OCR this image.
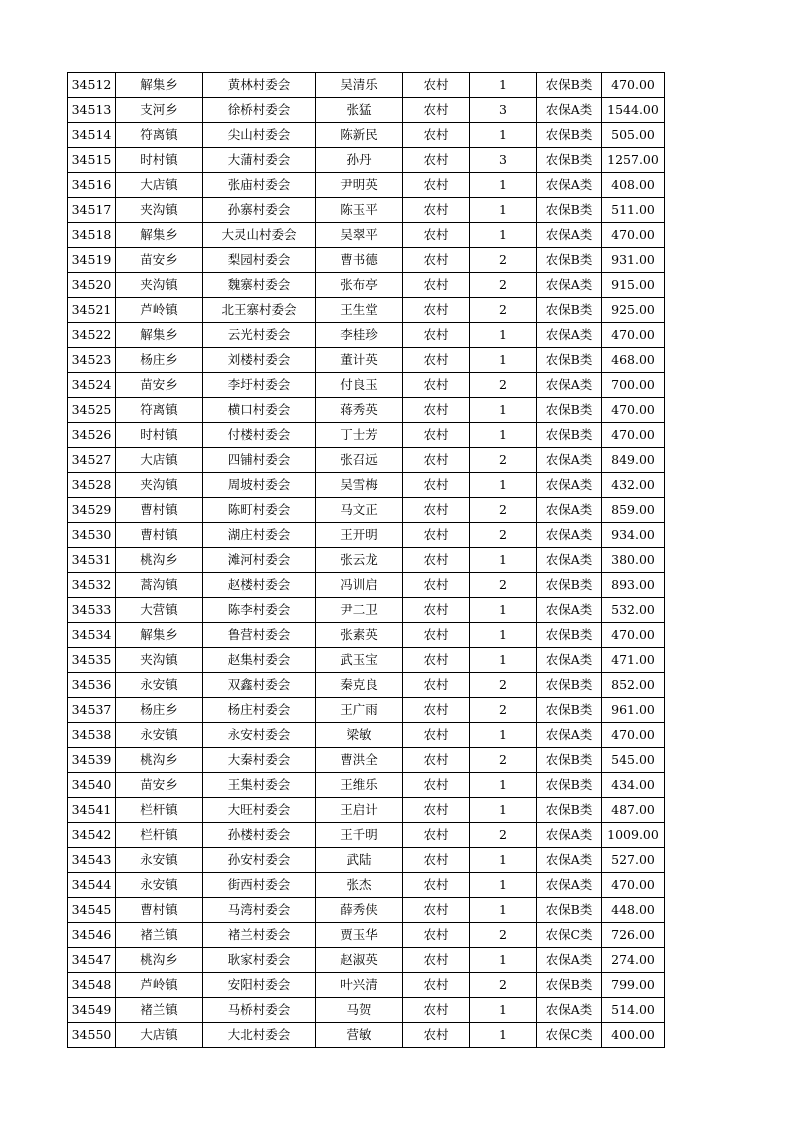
34512	解集乡	黄林村委会	吴清乐	农村	1	农保B类	470.00
34513	支河乡	徐桥村委会	张猛	农村	3	农保A类	1544.00
34514	符离镇	尖山村委会	陈新民	农村	1	农保B类	505.00
34515	时村镇	大蒲村委会	孙丹	农村	3	农保B类	1257.00
34516	大店镇	张庙村委会	尹明英	农村	1	农保A类	408.00
34517	夹沟镇	孙寨村委会	陈玉平	农村	1	农保B类	511.00
34518	解集乡	大灵山村委会	吴翠平	农村	1	农保A类	470.00
34519	苗安乡	梨园村委会	曹书德	农村	2	农保B类	931.00
34520	夹沟镇	魏寨村委会	张布亭	农村	2	农保A类	915.00
34521	芦岭镇	北王寨村委会	王生堂	农村	2	农保B类	925.00
34522	解集乡	云光村委会	李桂珍	农村	1	农保A类	470.00
34523	杨庄乡	刘楼村委会	董计英	农村	1	农保B类	468.00
34524	苗安乡	李圩村委会	付良玉	农村	2	农保A类	700.00
34525	符离镇	横口村委会	蒋秀英	农村	1	农保B类	470.00
34526	时村镇	付楼村委会	丁士芳	农村	1	农保B类	470.00
34527	大店镇	四铺村委会	张召远	农村	2	农保A类	849.00
34528	夹沟镇	周坡村委会	吴雪梅	农村	1	农保A类	432.00
34529	曹村镇	陈町村委会	马文正	农村	2	农保A类	859.00
34530	曹村镇	湖庄村委会	王开明	农村	2	农保A类	934.00
34531	桃沟乡	滩河村委会	张云龙	农村	1	农保A类	380.00
34532	蒿沟镇	赵楼村委会	冯训启	农村	2	农保B类	893.00
34533	大营镇	陈李村委会	尹二卫	农村	1	农保A类	532.00
34534	解集乡	鲁营村委会	张素英	农村	1	农保B类	470.00
34535	夹沟镇	赵集村委会	武玉宝	农村	1	农保A类	471.00
34536	永安镇	双鑫村委会	秦克良	农村	2	农保B类	852.00
34537	杨庄乡	杨庄村委会	王广雨	农村	2	农保B类	961.00
34538	永安镇	永安村委会	梁敏	农村	1	农保A类	470.00
34539	桃沟乡	大秦村委会	曹洪全	农村	2	农保B类	545.00
34540	苗安乡	王集村委会	王维乐	农村	1	农保B类	434.00
34541	栏杆镇	大旺村委会	王启计	农村	1	农保B类	487.00
34542	栏杆镇	孙楼村委会	王千明	农村	2	农保A类	1009.00
34543	永安镇	孙安村委会	武陆	农村	1	农保A类	527.00
34544	永安镇	街西村委会	张杰	农村	1	农保A类	470.00
34545	曹村镇	马湾村委会	薛秀侠	农村	1	农保B类	448.00
34546	褚兰镇	褚兰村委会	贾玉华	农村	2	农保C类	726.00
34547	桃沟乡	耿家村委会	赵淑英	农村	1	农保A类	274.00
34548	芦岭镇	安阳村委会	叶兴清	农村	2	农保B类	799.00
34549	褚兰镇	马桥村委会	马贺	农村	1	农保A类	514.00
34550	大店镇	大北村委会	营敏	农村	1	农保C类	400.00
